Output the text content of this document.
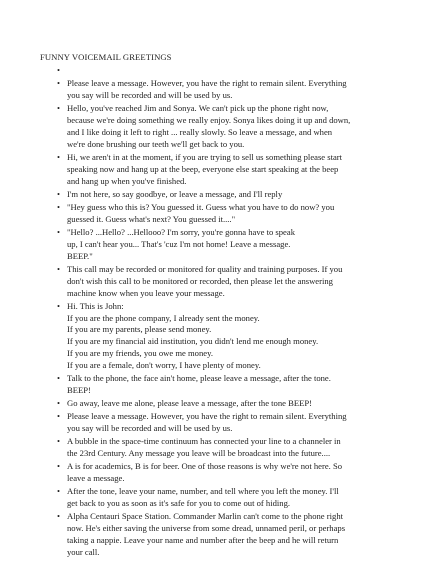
FUNNY VOICEMAIL GREETINGS
•

• Please leave a message. However, you have the right to remain silent. Everything
you say will be recorded and will be used by us.
• Hello, you've reached Jim and Sonya. We can't pick up the phone right now,
because we're doing something we really enjoy. Sonya likes doing it up and down,
and I like doing it left to right ... really slowly. So leave a message, and when
we're done brushing our teeth we'll get back to you.
• Hi, we aren't in at the moment, if you are trying to sell us something please start
speaking now and hang up at the beep, everyone else start speaking at the beep
and hang up when you've finished.
• I'm not here, so say goodbye, or leave a message, and I'll reply
• "Hey guess who this is? You guessed it. Guess what you have to do now? you
guessed it. Guess what's next? You guessed it...."
• "Hello? ...Hello? ...Hellooo? I'm sorry, you're gonna have to speak
up, I can't hear you... That's 'cuz I'm not home! Leave a message.
BEEP."
• This call may be recorded or monitored for quality and training purposes. If you
don't wish this call to be monitored or recorded, then please let the answering
machine know when you leave your message.
• Hi. This is John:
If you are the phone company, I already sent the money.
If you are my parents, please send money.
If you are my financial aid institution, you didn't lend me enough money.
If you are my friends, you owe me money.
If you are a female, don't worry, I have plenty of money.
• Talk to the phone, the face ain't home, please leave a message, after the tone.
BEEP!
• Go away, leave me alone, please leave a message, after the tone BEEP!
• Please leave a message. However, you have the right to remain silent. Everything
you say will be recorded and will be used by us.
• A bubble in the space-time continuum has connected your line to a channeler in
the 23rd Century. Any message you leave will be broadcast into the future....
• A is for academics, B is for beer. One of those reasons is why we're not here. So
leave a message.
• After the tone, leave your name, number, and tell where you left the money. I'll
get back to you as soon as it's safe for you to come out of hiding.
• Alpha Centauri Space Station. Commander Marlin can't come to the phone right
now. He's either saving the universe from some dread, unnamed peril, or perhaps
taking a nappie. Leave your name and number after the beep and he will return
your call.
